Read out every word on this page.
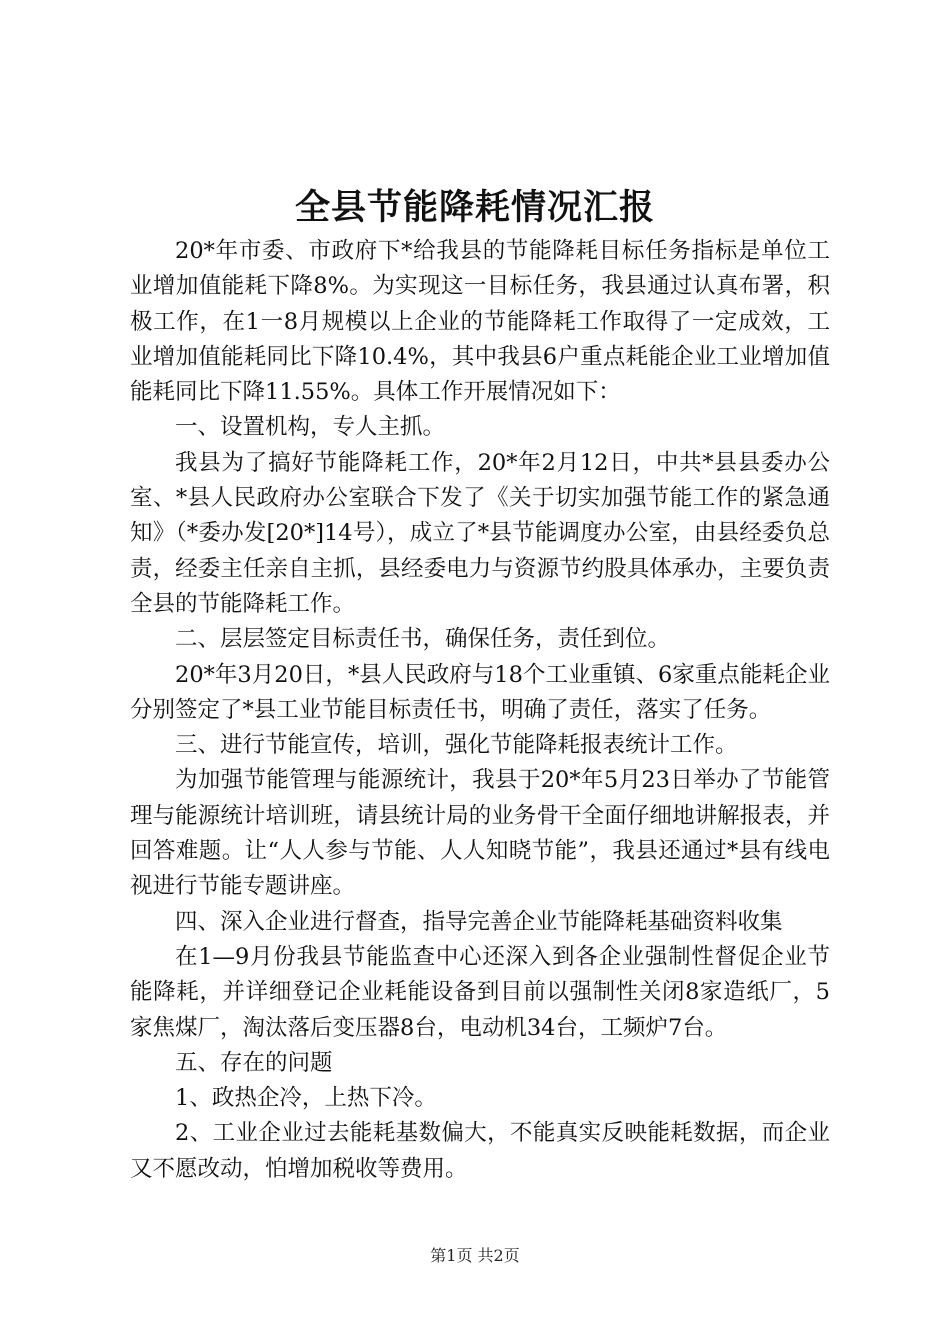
全县节能降耗情况汇报

20*年市委、市政府下*给我县的节能降耗目标任务指标是单位工业增加值能耗下降8%。为实现这一目标任务，我县通过认真布署，积极工作，在1一8月规模以上企业的节能降耗工作取得了一定成效，工业增加值能耗同比下降10.4%，其中我县6户重点耗能企业工业增加值能耗同比下降11.55%。具体工作开展情况如下：

一、设置机构，专人主抓。

我县为了搞好节能降耗工作，20*年2月12日，中共*县县委办公室、*县人民政府办公室联合下发了《关于切实加强节能工作的紧急通知》（*委办发[20*]14号），成立了*县节能调度办公室，由县经委负总责，经委主任亲自主抓，县经委电力与资源节约股具体承办，主要负责全县的节能降耗工作。

二、层层签定目标责任书，确保任务，责任到位。

20*年3月20日，*县人民政府与18个工业重镇、6家重点能耗企业分别签定了*县工业节能目标责任书，明确了责任，落实了任务。

三、进行节能宣传，培训，强化节能降耗报表统计工作。

为加强节能管理与能源统计，我县于20*年5月23日举办了节能管理与能源统计培训班，请县统计局的业务骨干全面仔细地讲解报表，并回答难题。让“人人参与节能、人人知晓节能”，我县还通过*县有线电视进行节能专题讲座。

四、深入企业进行督查，指导完善企业节能降耗基础资料收集

在1—9月份我县节能监查中心还深入到各企业强制性督促企业节能降耗，并详细登记企业耗能设备到目前以强制性关闭8家造纸厂，5家焦煤厂，淘汰落后变压器8台，电动机34台，工频炉7台。

五、存在的问题

1、政热企冷，上热下冷。

2、工业企业过去能耗基数偏大，不能真实反映能耗数据，而企业又不愿改动，怕增加税收等费用。

第1页 共2页
